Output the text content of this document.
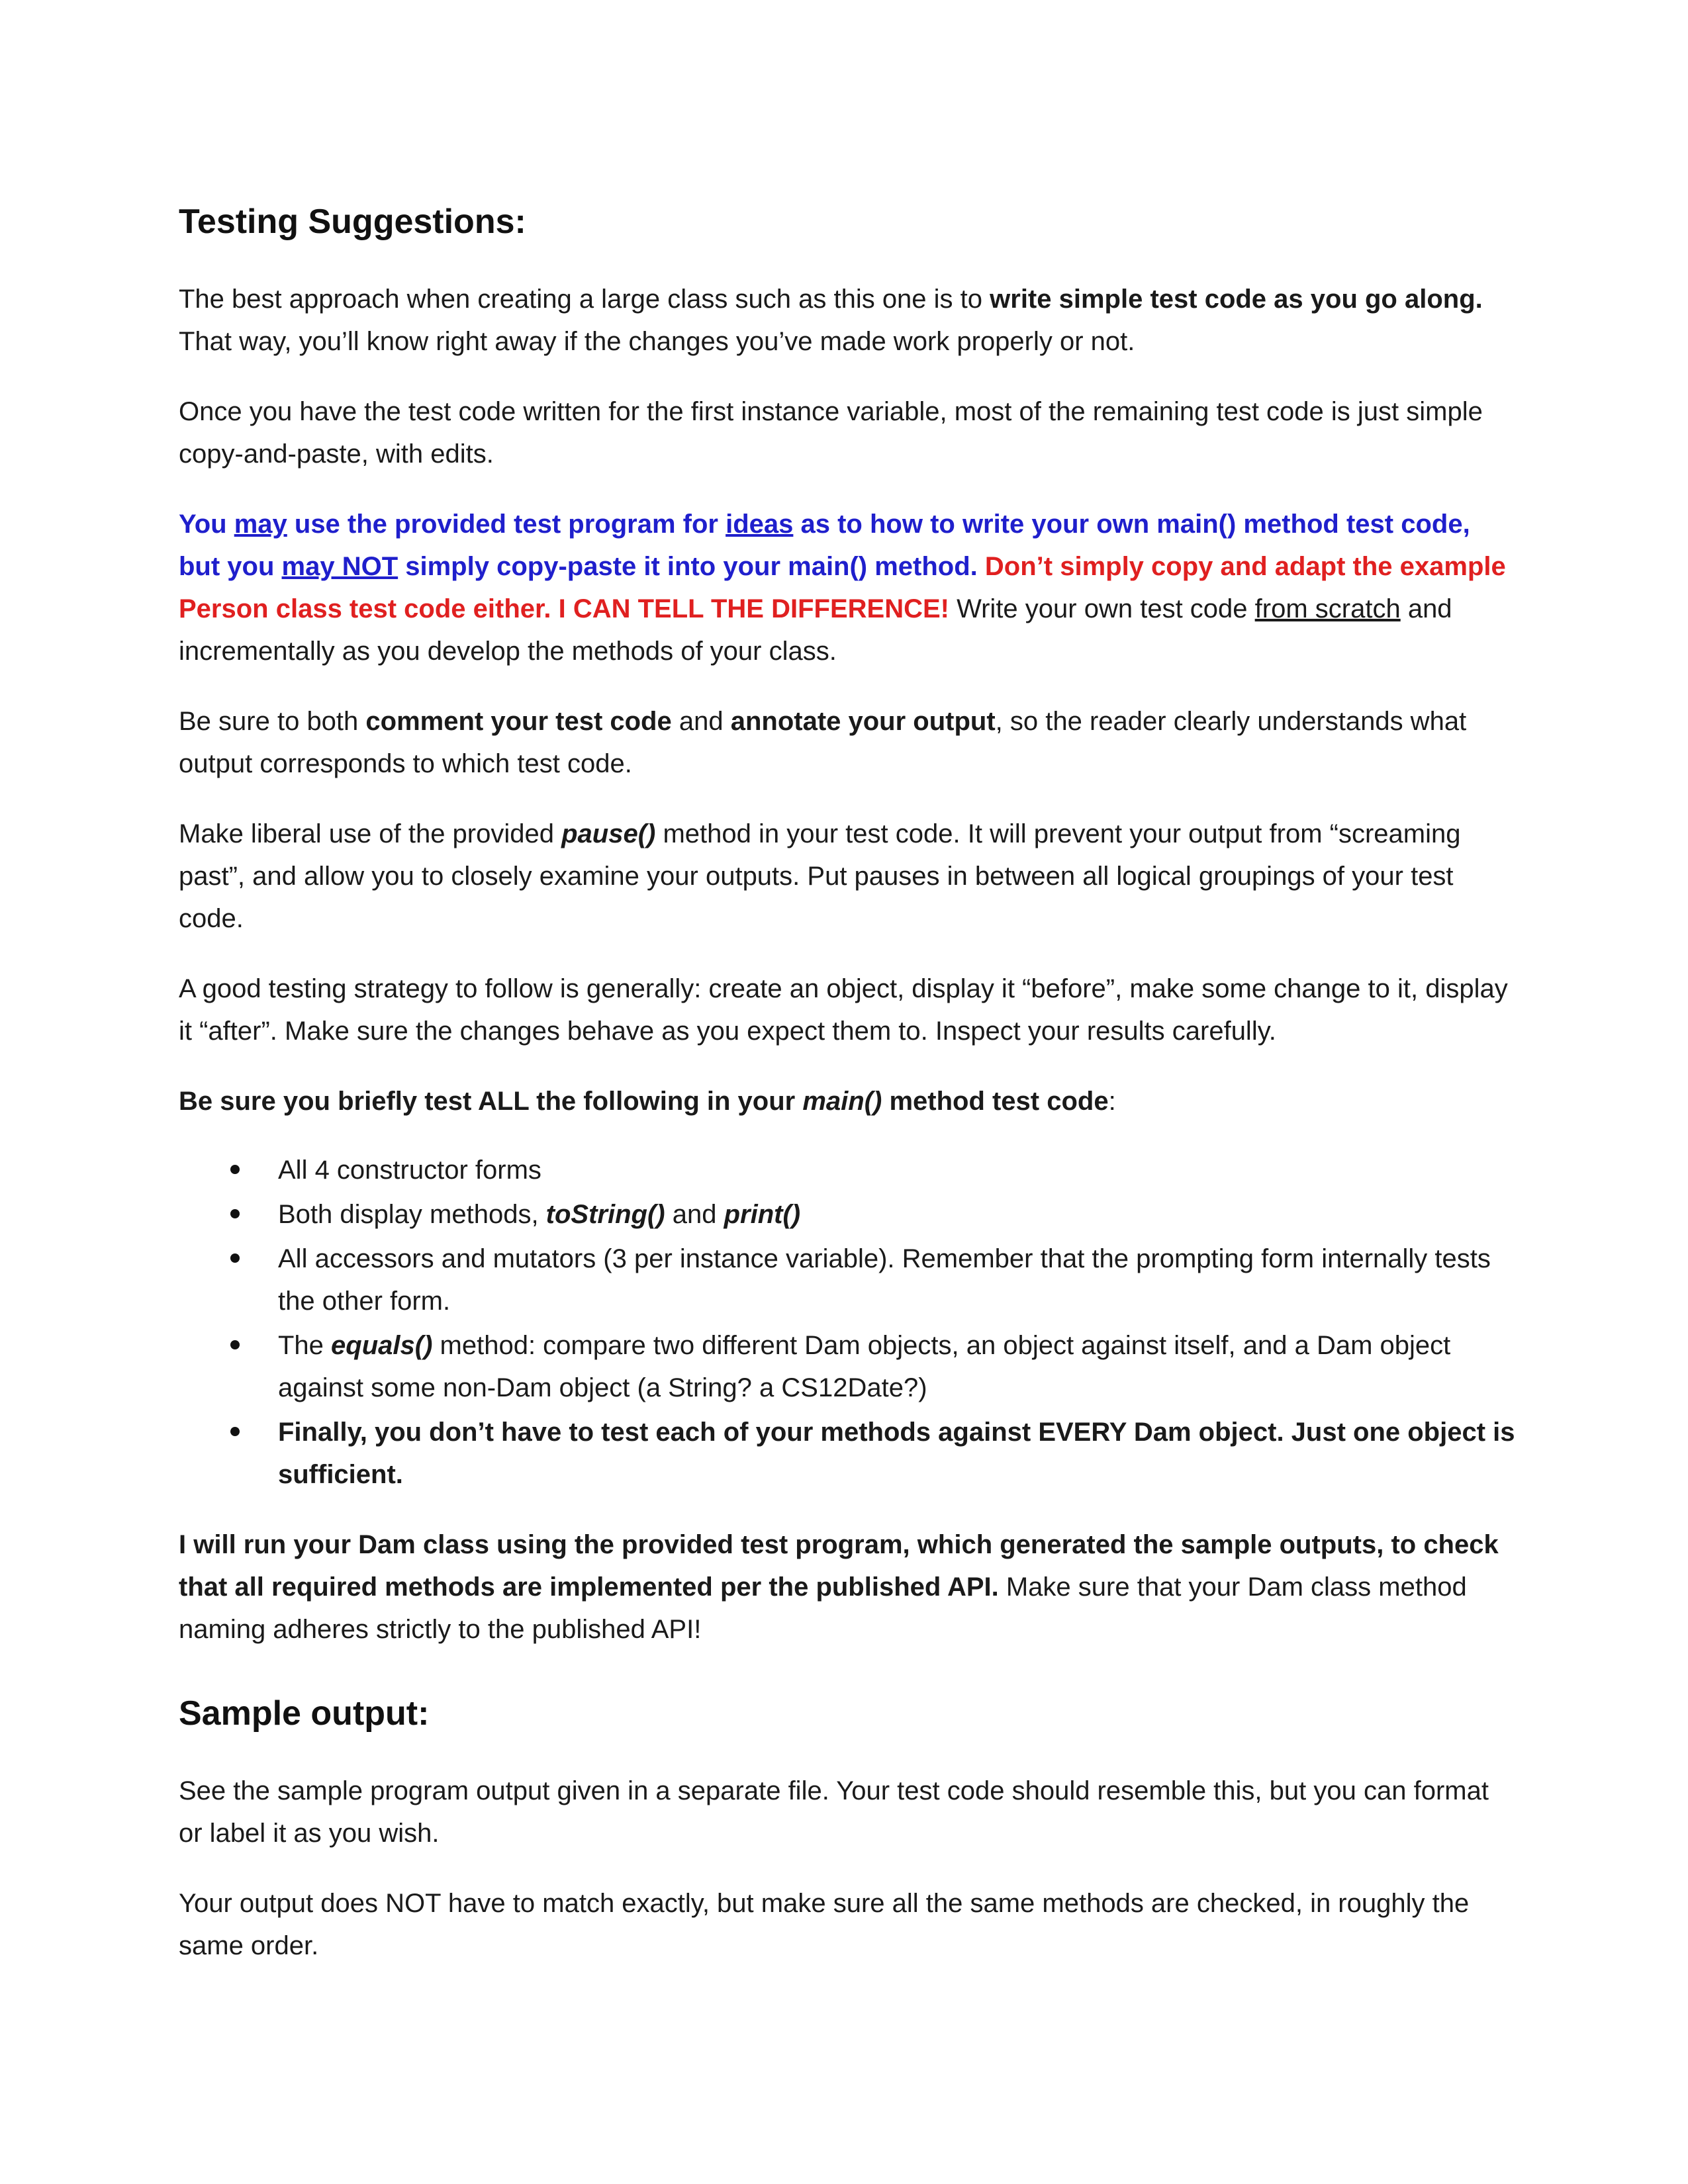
Testing Suggestions:

The best approach when creating a large class such as this one is to write simple test code as you go along. That way, you’ll know right away if the changes you’ve made work properly or not.

Once you have the test code written for the first instance variable, most of the remaining test code is just simple copy-and-paste, with edits.

You may use the provided test program for ideas as to how to write your own main() method test code, but you may NOT simply copy-paste it into your main() method. Don’t simply copy and adapt the example Person class test code either. I CAN TELL THE DIFFERENCE! Write your own test code from scratch and incrementally as you develop the methods of your class.

Be sure to both comment your test code and annotate your output, so the reader clearly understands what output corresponds to which test code.

Make liberal use of the provided pause() method in your test code. It will prevent your output from “screaming past”, and allow you to closely examine your outputs. Put pauses in between all logical groupings of your test code.

A good testing strategy to follow is generally: create an object, display it “before”, make some change to it, display it “after”. Make sure the changes behave as you expect them to. Inspect your results carefully.

Be sure you briefly test ALL the following in your main() method test code:

All 4 constructor forms
Both display methods, toString() and print()
All accessors and mutators (3 per instance variable). Remember that the prompting form internally tests the other form.
The equals() method: compare two different Dam objects, an object against itself, and a Dam object against some non-Dam object (a String? a CS12Date?)
Finally, you don’t have to test each of your methods against EVERY Dam object. Just one object is sufficient.

I will run your Dam class using the provided test program, which generated the sample outputs, to check that all required methods are implemented per the published API. Make sure that your Dam class method naming adheres strictly to the published API!

Sample output:

See the sample program output given in a separate file. Your test code should resemble this, but you can format or label it as you wish.

Your output does NOT have to match exactly, but make sure all the same methods are checked, in roughly the same order.
